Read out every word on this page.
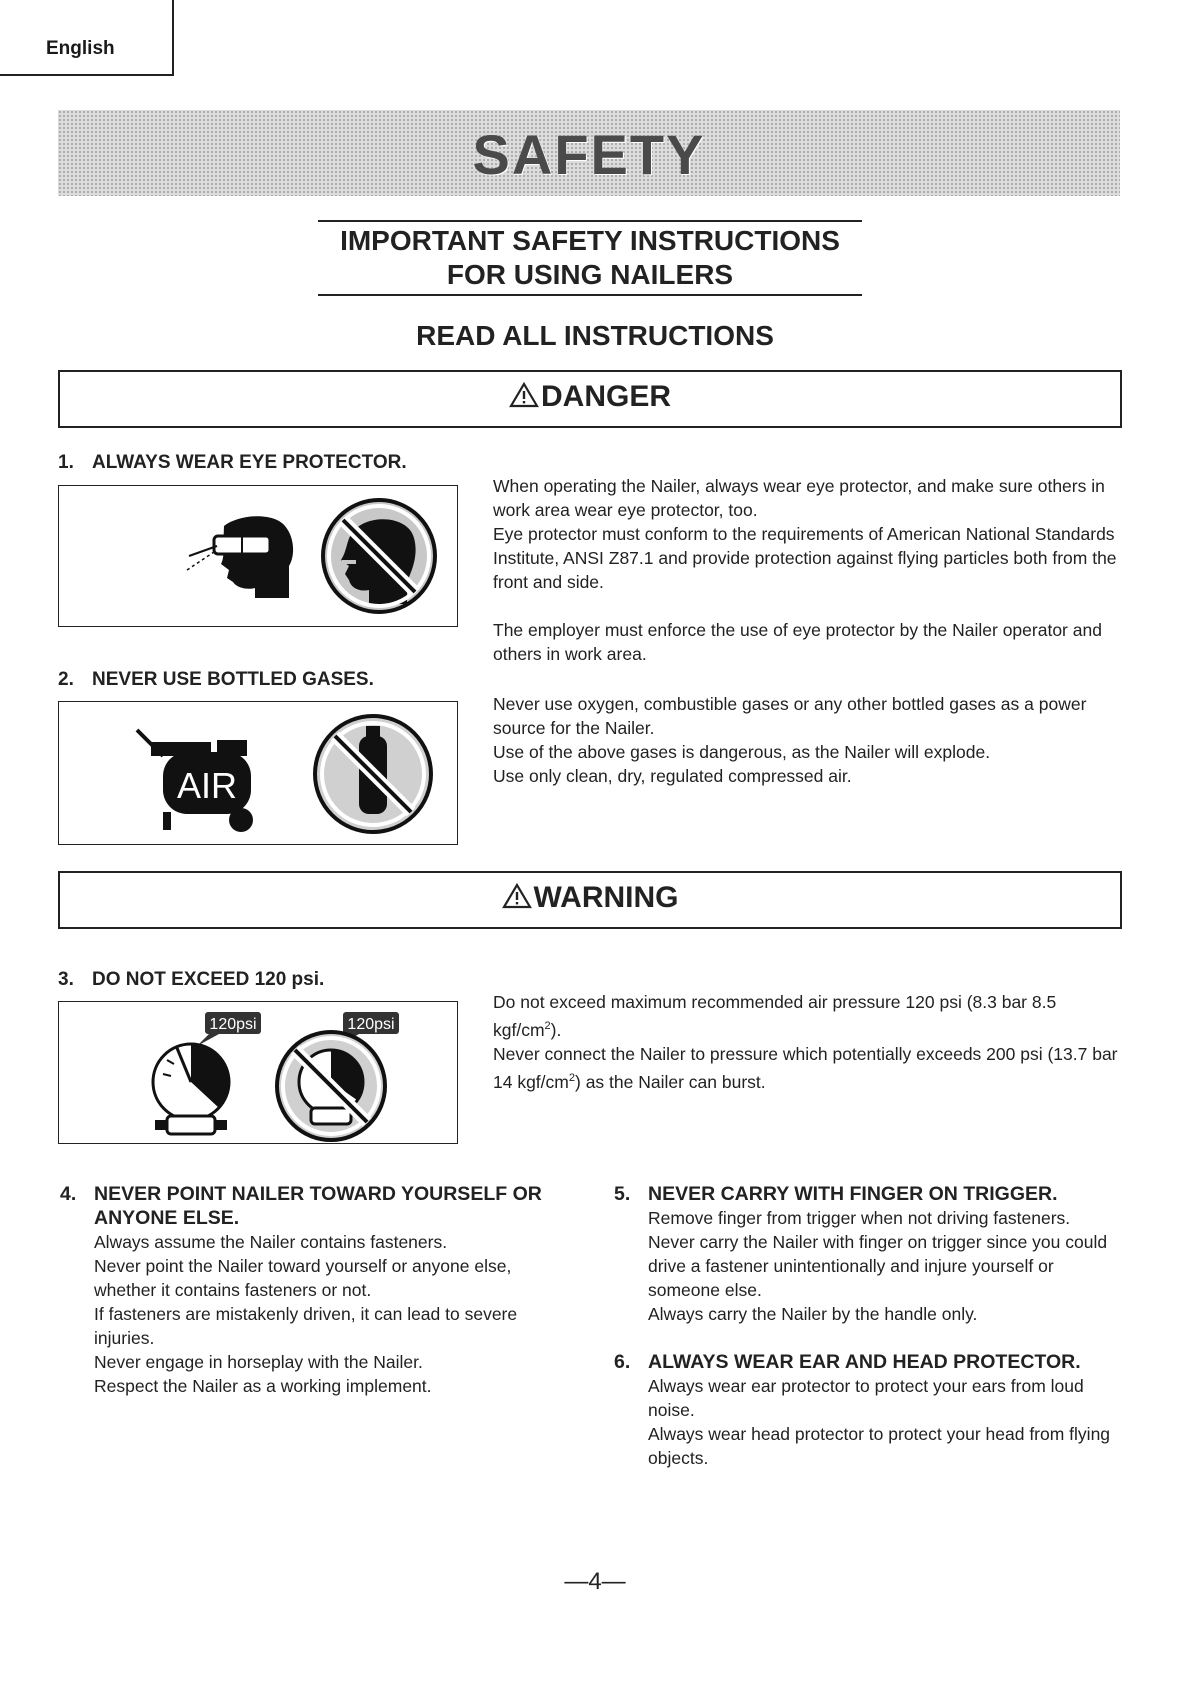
English
SAFETY
IMPORTANT SAFETY INSTRUCTIONS
FOR USING NAILERS
READ ALL INSTRUCTIONS
DANGER
1. ALWAYS WEAR EYE PROTECTOR.

When operating the Nailer, always wear eye protector, and make sure others in work area wear eye protector, too.

Eye protector must conform to the requirements of American National Standards Institute, ANSI Z87.1 and provide protection against flying particles both from the front and side.

The employer must enforce the use of eye protector by the Nailer operator and others in work area.

2. NEVER USE BOTTLED GASES.
AIR

Never use oxygen, combustible gases or any other bottled gases as a power source for the Nailer.

Use of the above gases is dangerous, as the Nailer will explode.

Use only clean, dry, regulated compressed air.

WARNING
3. DO NOT EXCEED 120 psi.
120psi	120psi

Do not exceed maximum recommended air pressure 120 psi (8.3 bar 8.5 kgf/$cm^2$).

Never connect the Nailer to pressure which potentially exceeds 200 psi (13.7 bar 14 kgf/$cm^2$) as the Nailer can burst.

4. NEVER POINT NAILER TOWARD YOURSELF OR
ANYONE ELSE.

Always assume the Nailer contains fasteners.

Never point the Nailer toward yourself or anyone else, whether it contains fasteners or not.

If fasteners are mistakenly driven, it can lead to severe injuries.

Never engage in horseplay with the Nailer.

Respect the Nailer as a working implement.

5. NEVER CARRY WITH FINGER ON TRIGGER.

Remove finger from trigger when not driving fasteners.

Never carry the Nailer with finger on trigger since you could drive a fastener unintentionally and injure yourself or someone else.

Always carry the Nailer by the handle only.

6. ALWAYS WEAR EAR AND HEAD PROTECTOR.

Always wear ear protector to protect your ears from loud noise.

Always wear head protector to protect your head from flying objects.

—4—
